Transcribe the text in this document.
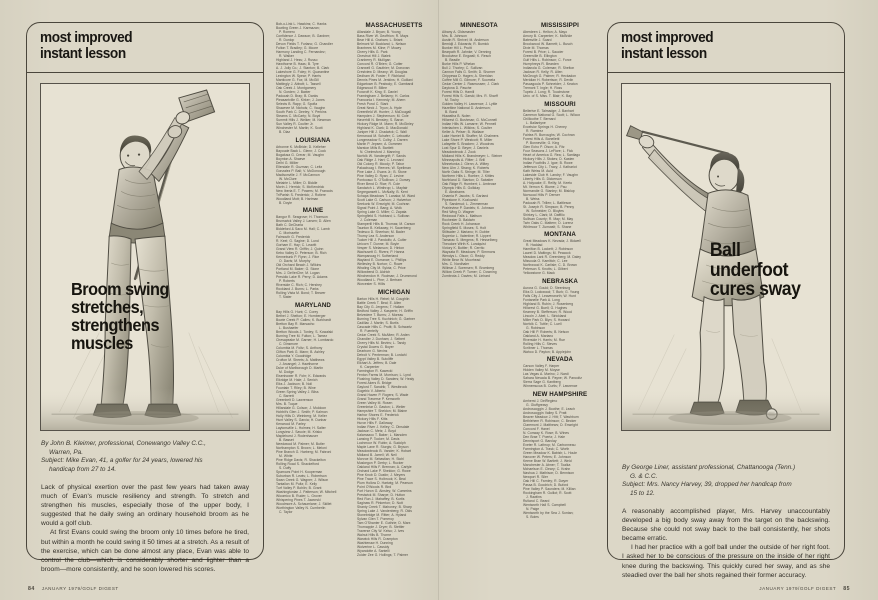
most improved
instant lesson
Broom swing stretches, strengthens muscles
By John B. Kleimer, professional, Conewango Valley C.C.,
Warren, Pa.
Subject: Mike Evan, 41, a golfer for 24 years, lowered his
handicap from 27 to 14.

Lack of physical exertion over the past few years had taken away much of Evan's muscle resiliency and strength. To stretch and strengthen his muscles, especially those of the upper body, I suggested that he daily swing an ordinary household broom as he would a golf club.

At first Evans could swing the broom only 10 times before he tired, but within a month he could swing it 50 times at a stretch. As a result of the exercise, which can be done almost any place, Evan was able to control the club—which is considerably shorter and lighter than a broom—more consistently, and he soon lowered his scores.

Bob-o-Link L. Hawkins; C. Hanks
Bowling Green J. Karmazan;
P. Romero
Confidence J. Dawson; B. Gardner;
R. Dunlop
Devon Fields T. Furlano; G. Chandler
Fulton T. Bradley; G. Moore
Harmony Landing C. Fernandez;
R. Walker
Highland J. Hess; J. Russo
Hawthorne B. Haas; B. Tyre
A. J. Jolly Co.; J. Stanton; B. Clark
Lakeshore G. Foley; H. Quarantine
Lexington W. Spear; P. Harris
Manticore G. Fox; M. McGill
Mattingly J. Abbott; L. Tassell
Oak Creek J. Montgomery
N. Gorden; J. Baxter
Paducah D. Bray; B. Danks
Pleasantville G. Kirker; J. Jones
Selects B. Rapp; G. Spofia
Shawnee M. Nichols; C. Vaughn
South Park C. Deeley; Y. Perkins
Stearns C. McCarty; N. Boyd
Summit Hills J. Welker; M. Newman
Sun Valley R. Coulter Jr.
Winchester M. Martin; K. Scott
B. Diaz
LOUISIANA
Arbonne K. McBride; D. Kelleher
Bayoude Back L. Glenn; J. Cook
Bogalusa G. Crerar; M. Vaughn
Boynton A. Shaeve
Delhi G. Millier
Ellendale R. Guzman; C. Leitz
Gonzalez P. Ball; V. McDonough
Madisonville J. F. McCannon
W. McClure
Metairie L. Miller; D. Biddle
Morin J. Herrick; S. McKendrick
New Iberia E. T. Powers; M. Francois
TriParish S. Frederick; J. Rotiere
Woodland Mott; B. Hartman
B. Doyle
MAINE
Bangor R. Seagrove; H. Thomson
Brunswick Valley J. Larsen; D. Allen
Bath C. DeCharla
Biddeford & Saco M. Hall; C. Lamb
C. Morissette
Falmouth G. Frederick
R. Keel; G. Sagine; D. Lund
Gorham E. Hay; C. Leavitt
Grand View R. Griffin; J. Quinn
Kebo Valley D. Peterson; B. Rich
Kennebunk P. Flynn; J. Rice
O. Davis; M. Murphy
Old Orchard Beach J. Wilkins
Portland M. Baker; G. Stone
Mrs. J. DeVerChe; M. Logan
Presidio Lake R. Perry; D. Adams
P. Roberts
Riverside C. Rich; C. Hershey
Rockland J. Burns; L. Parks
Rolling Vista M. Bond; T. Brewer
T. Slater
MARYLAND
Bay Hills G. Hunt; C. Corey
Bethel J. Shelton; E. Hornberger
Bowie Creek P. Calles; K. Burkhardt
Bretton Bay R. Marsacho
L. Bushaefer
Bretton Woods J. Tonley; S. Kowalski
Burning Tree M. Fulton; L. Tamez
Chesapeake M. Garner; H. Lombardo
C. Dinsmore
Columbia M. Foltz; S. Anthony
Clifton Park G. Mann; B. Ashley
Columbia Y. Goodridge
Crofton M. Sheets; A. Matthews
J. Arcangel; J. Hawthorne
Duke of Marlborough D. Martin
M. Dodge
Eisenhower R. Fohr; K. Edwards
Elkridge M. Hale; J. Senich
Elks J. Jackson; B. Noll
Fountain T. Riley; B. Wine
Green Spring Valley J. Bliss
C. Barrett
Greenbelt D. Lawrenson
Mrs. B. Tuque
Hillandale G. Colson; J. Muldoon
Hobbit's Glen J. Smith; P. Kalmon
Holly Hills D. Weinberg; M. Keller
Hunt Valley S. Garcia; H. Dunbar
Kenwood M. Farley
Laytonsville L. Holmes; H. Salter
Longview J. Savoie; M. Krisko
Maplehurst J. Rodenhauser
B. Basset
Needwood M. Palmer; M. Butler
Northampton S. Brown; L. Meloni
Pine Branch G. Harberg; M. Fabroni
M. White
Pine Ridge Davis; R. Shackelton
Rolling Road S. Shackelford
S. Duffy
Sparrows Point H. Kooperman
Suburban R. Lewis; L. Robertson
Swan Creek G. Wagner; J. Wilson
Tantallon M. Pultz; E. Kelly
Turf Valley P. Bohlin; B. Grant
Washingtonian J. Patterson; W. Mitchell
Wicomico B. Ruder; L. Grover
Whispering Pines T. Jaworski
Woodmore A. Schaumlane; J. Skillet
Worthington Valley N. Cumberlin
C. Taylor
MASSACHUSETTS
Allandale J. Bryan; B. Young
Bass River W. Geoffrion; R. Mays
Bear Hill A. Graham; L. Briant
Belmont W. Buckland; L. Nelson
Brantrees M. Kline; P. Mowry
Cherry Hills G. Park
Chestnut Hill J. Bialek
Cranberry R. Mulligan
Concord R. O'Brien; G. Cutter
Cranwell G. Gauthier; M. Donovan
Crestview D. Meany; W. Douglas
Dedham W. Foster; F. Richland
Dennis Pines M. Jenkins; H. Guiliani
Edgartown B. Peabody; E. Gambardi
Edgewood R. Billee
Foxcroft K. King; E. Daniel
Framingham J. Bellamy; H. Carlos
Franconia I. Kennedy; M. Ahern
Fresh Pond C. Stark
Great Neck J. Tryon; A. Hyde
Greenfield W. Hunter; J. McDougall
Hampden J. Stephenson; M. Cole
Haverhill N. Bensley; S. Baron
Hickory Ridge M. Mann; R. McGinley
Highland K. Clark; D. MacDonald
Juniper Hill J. Chadwick; C. Wall
Kernwood M. Schafer; C. Lebowitz
Longmeadow S. Colby; J. Darren
Marlin P. Jepsen; A. Dommen
Marston Mills B. Bartlett
N. Chelmsford J. Manning
Norfolk W. Vandergrift; F. Sands
Oak Ridge J. Hart; C. Leonard
Old Colony R. Moody; P. Tabor
Pakachoag I. Reeves; W. Spellman
Pine Lake J. Evans Jr.; B. Stone
Pine Valley D. Ryan; Z. Levine
Pontoosuc S. O'Sullivan; J. Dorsey
River Bend D. Rice; R. Cole
Sandwich L. Winthrop; L. Mayfair
Segregansett L. McNally; B. Kent
Schapa Meadows T. Lanaka; M. Ward
Scott Lake G. Carlson; J. Halverton
Seekonk W. Enwright; M. Cochran
Signal Point J. Bang; A. Wolk
Spring Lake G. Miller; C. Zapata
Springfield S. Hubbard; L. Sullivan
J. Coleman
Stamperill Hills B. Thomas; M. Carson
Taunton B. Kellaway; H. Sauerberg
Tedesco D. Sheehan; M. Bader
Thorny Lea S. Anderson
Tucker Hill J. Pandolfo; A. Cutler
Unicorn T. Dunne; M. Boyle
Vesper S. Melanson; D. Hinton
Wachusett G. Rivers; P. Hanna
Wampanoag H. Sutherland
Wayland E. Dorrance; L. Phillips
Wellesley B. Norton; C. Rowe
Whaling City M. Sylvia; C. Price
Willowbend D. Aldrich
Winchendon H. Rodman; J. Drummond
Woodland L. Pine; J. Bertram
Worcester S. Hillis
MICHIGAN
Barton Hills H. Rebel; M. Coughlin
Battle Creek T. Beal; E. Allen
Bay City G. Jergens; T. Hallam
Bedford Valley J. Kasperin; H. Griffin
Belvedere T. Burns; J. Moreau
Burning Tree S. Kuchinich; G. Gartner
Cadillac J. Martin; S. Burtis
Cascade Hills C. Pruitt; B. Schwartz
R. Fuentelly
Cedar Creek S. McAlten; R. Arden
Chandler J. Dunham; J. Seibert
Cherry Hills M. Bevins; L. Tandy
Crystal Downs G. Boyer
Dearborn G. Nevins
Detroit V. Penterman; B. Lordahl
Egypt Valley B. Sutcliffe
Elkhart A. Jeffers; B. Dale
K. Carpenter
Farmington R. Kawecki
Fenton Farms M. Morrison; L. Lynd
Flushing Valley D. Sanders; W. Healy
Forest Akers B. Bridge
Gaylord T. Sandrik; T. Westbrook
Gogebic V. Alberto
Grand Haven P. Rogers; S. Wade
Grand Traverse P. Kenworth
Green Valley M. Rosen
Greenbriar D. Gaston; L. Weiler
Hampshire T. Sheldon; M. Blaine
Harbor Shores E. Frederick
Hickory Hills F. Kitts
Huron Hills F. Galloway
Indian River J. Kelley; C. Dinsdale
Jackson C. Metz; J. Boyd
Kalamazoo T. Baker; L. Marsden
Lansing P. Tooker; M. Davis
Lochmoor W. Rubin; A. Sudolph
Maple Lane R. Sturgis; G. Bryson
Meadowbrook B. Vander; K. Hobart
Midland B. Jarrell; W. Neil
Monroe M. Sebastian; H. Stohl
Muskegon P. Derby; L. Rucker
Oakland Hills F. Brennan; A. Carlyle
Orchard Lake P. Sheldon; G. Rowe
Pine Knob D. Dustin; J. Meyers
Pine Trace S. Holbrook; K. Beal
Plum Hollow D. Hartwig; M. Pearson
Point O'Woods R. Bird
Port Huron G. Ainsley; W. Cummins
Prestwick M. Sharpe; D. Hutton
Red Run J. Mahaffey; B. Kurtis
Saginaw R. Pinkerton; D. Nutt
Shanty Creek T. Mahoney; B. Sharp
Spring Lake J. Vandenberg; R. Olds
Stonebridge M. Ritter; A. Hyland
Sylvan Glen T. Pomeroy
Tam O'Shanter E. Guthrie; D. Marx
Thornapple J. Dryer; B. Stettler
Traverse City W. Kelso; J. Ives
Walnut Hills B. Thorne
Warwick Hills R. Crampton
Washtenaw H. Dunning
Wolverine L. Cassidy
Wyandotte A. Santelli
Zuider Zee G. Hollings; T. Palmer
84 JANUARY 1979/GOLF DIGEST
most improved
instant lesson
Ball underfoot cures sway
By George Liner, assistant professional, Chattanooga (Tenn.)
G. & C.C.
Subject: Mrs. Nancy Harvey, 39, dropped her handicap from
15 to 12.

A reasonably accomplished player, Mrs. Harvey unaccountably developed a big body sway away from the target on the backswing. Because she could not sway back to the ball consistently, her shots became erratic.

I had her practice with a golf ball under the outside of her right foot. I asked her to be conscious of the pressure on the inside of her right knee during the backswing. This quickly cured her sway, and as she steadied over the ball her shots regained their former accuracy.

MINNESOTA
Albany A. Oldsmaster
Mrs. B. Johnson
Austin R. Shrivel; M. Anderson
Bemidji J. Edwards; R. Bumick
Bunker Hill L. Pruitt
Bearpath R. Jahnke; V. Denning
Brookview E. Engwall; K. Resch
B. Beadle
Burke Hills P. Whelan
Bull J. Thorley; C. Sullivan
Cannon Falls G. Smith; D. Shomer
Chippewa D. Hagen; A. Sheridan
Coffee Mill G. Gilmore; F. Suomela
Cedar Center J. Rasmussen; J. Clark
Daytona D. Pasche
Forest Hills D. Hamill
Forest Hills S. Garski; Mrs. R. Sharff
M. Touhy
Golden Valley H. Lawrence; J. Lyttle
Hazeltine National D. Anderson;
B. Bond
Hiawatha B. Nolen
Hillcrest G. Bushman; G. McConnell
Indian Hills W. Lamarre; W. Pennell
Interlachen L. Wilkins; S. Coulter
Keller A. Pelser; B. Wallace
Lake Harriet B. Shaffer; M. Chalmers
Lake Shore P. Westcott; R. Miller
Lafayette S. Bracken; J. Woodrow
Lost Spur D. Beyer; J. Daniels
Meadowbrook J. Zook
Midland Hills K. Brandmeyer; L. Steiner
Minneapolis A. Ritter; J. Brill
Minnetonka J. Glenn; A. Wiltey
New Ulm J. Strang; K. Roberts
North Oaks S. Stringe; M. Tiller
Northern Hills L. Roeber; J. Kittles
Northland D. Stanton; D. Sabatier
Oak Ridge R. Humbert; L. Ambrose
Olympic Hills G. Golliday
E. Abrahams
Onamia P. Jacobs; S. Garland
Pipestone K. Kozlowski
S. Sanderud; L. Zimmerman
Prairieview P. Daniels; K. Johnson
Red Wing D. Wagner
Redwood Falls L. Mattson
Rochester D. Baldwin
Rock Creek H. Johanson
Springfield S. Moses; S. Holt
Stillwater J. Mariano; H. Dubbe
Superior L. Valentine; R. Lippert
Tamarac S. Mergens; R. Hesselberg
Theodore Wirth K. Lundquist
Victory K. Buttler; R. Cerrito
Wayzata R. Meadows; P. Simmons
Wendys L. Olson; G. Reddy
White Bear W. Moorhead
Mrs. C. Nordhaler
Willmar J. Sorensen; R. Bromberg
Willow Creek P. Turner; C. Downing
Zumbrota J. Davies; M. Linhard
MISSISSIPPI
Aberdeen L. Helton; A. Mayo
Amory B. Carpenter; K. McBride
Batesville J. Soard
Brookwood W. Barnett; L. Busch
Dixie M. Thomas
Forest B. Price; L. Saucier
Greenville B. Ellington
Gulf Hills L. Robinson; C. Force
Humphreys R. Bearden
Indianola G. Coleman; R. Shelton
Jackson R. Kelly; R. Allen
McGeogh G. Palmer; R. Heckadon
Meridian H. Robertson; R. Devlin
Pascagoula P. Schneider; J. Keaton
Tremont T. Ingle; H. Ross
Tupelo J. Long; R. Touchstone
Univ. of S. Miss. T. Blair; K. Bay
MISSOURI
Bellerive E. Talmadge; J. Banhart
Cameron National G. Scott; L. Wilcox
Chillicothe T. Bernard
L. Ballantyne
Excelsior Springs H. Cheney
R. Ramirez
Fairlea R. Burroughs; W. Cochran
Forest Hills A. Bonelletti
P. Bonneville; G. King
Glen Echo P. Olson; A. Fitz
Four Seasons J. LeFlore; L. Fick
Heart of America G. Rea; L. Santiago
Hickory Hills J. Stokes; D. Kasten
Indian Foothills J. Igoe; B. Rowe
Jefferson City L. Tracy; J. Kathariot
Kath Weiss M. Auld
Lakeside Club H. Landry; F. Vaughn
Liberty Hills G. Dickerson
A. Holyoake; E. Reilly; M. Keeto
Mt. Vernon K. Blume; J. Pau
Normandie G. Stanley; M. Bisklup
Norwood Hills P. Denver
B. Weiss
Paducah R. Trillen; L. Battleson
St. Joseph R. Simpson; B. Penny
W. Schneider; D. Bloyles
Shirkey L. Clark; M. Daffilio
Sullivan County; R. May; M. May
Twin Oaks C. Mattern; D. Lorenz
Whitmoor T. Zumwalt; S. Shane
MONTANA
Great Meadows K. Nevada; J. Bidwell
R. Haddad
Hamilton B. Lockett; J. Robinson
Laurel D. Maltings; M. Peacock
Meadow Lark R. Greenberg; M. Daley
Missoula O. Kamlitch; C. Lee
Northwood K. Carlisle; C. D. Brown
Peterson S. Knotts; L. Gilbert
Yellowstone G. Mack
NEBRASKA
Aurora G. Gould; D. Steenburg
Elks D. Lockwood; T. Burk; G. Young
Falls City J. Leavenworth; W. Hunt
Fontanelle Park A. Long
Highland B. Rubin; J. Rosenberg
Hillcrest G. Buell; G. Hughes
Kearney B. Stefferson; R. Wood
Lincoln J. Abel; L. Strickland
Miller Park D. Blyn; S. Howard
Norfolk C. Tuttle; C. Luell
G. Robinson
Oak Hill P. Roberts; B. Nelson
Oakland A. Mariano
Riverside H. Harris; M. Rue
Rolling Hills C. Steves
Scribner L. Thomas
Wahoo D. Payton; B. Applejohn
NEVADA
Carson Valley F. Harper
Hidden Valley M. Moyse
Las Vegas A. Marino; J. Nardi
Sahara Nevada B. Payne; W. Pancoltz
Sierra Sage G. Kantberg
Winnemucca B. Curtis; F. Lawrence
NEW HAMPSHIRE
Amherst J. DelRegimo
G. Giuffgreavy
Androscoggin J. Boothe; E. Leach
Androscoggin Valley S. Pratt
Beaver Meadow J. Hitt; T. Washburn
Bethlehem R. Robinson; C. Becker
Claremont J. Matthews; D. Enwright
Concord F. Hanel
N. Conway K. Rose; B. Wines
Den Brae T. Poertz; J. Hale
Dennisport G. Barclay
Exeter R. Lathrop; M. Carbonneau
Farmington A. Trask; C. Worth
Green Meadow K. Babish; L. Houle
Hanover W. Peters; E. Johnson
Keene Brae W. Bartlett; J. Weld
Manchester A. Abner; T. Toalka
Mchaelson E. Cleary; C. Krahn
Nashua J. Mathison; D. Bennison
Newport R. Siler
Oak Hill C. Farnley; R. Dwyer
Passa B. Goodrich; D. Buford
Pine Valley P. Saunders; M. Killian
Rockingham R. Guillot; R. Scott
J. Rawlins
Rutland C. Beard
Wentworth Hall S. Campbell
N. Paige
Wentworth by the Sea J. Sontan;
S. Boles
JANUARY 1979/GOLF DIGEST 85
